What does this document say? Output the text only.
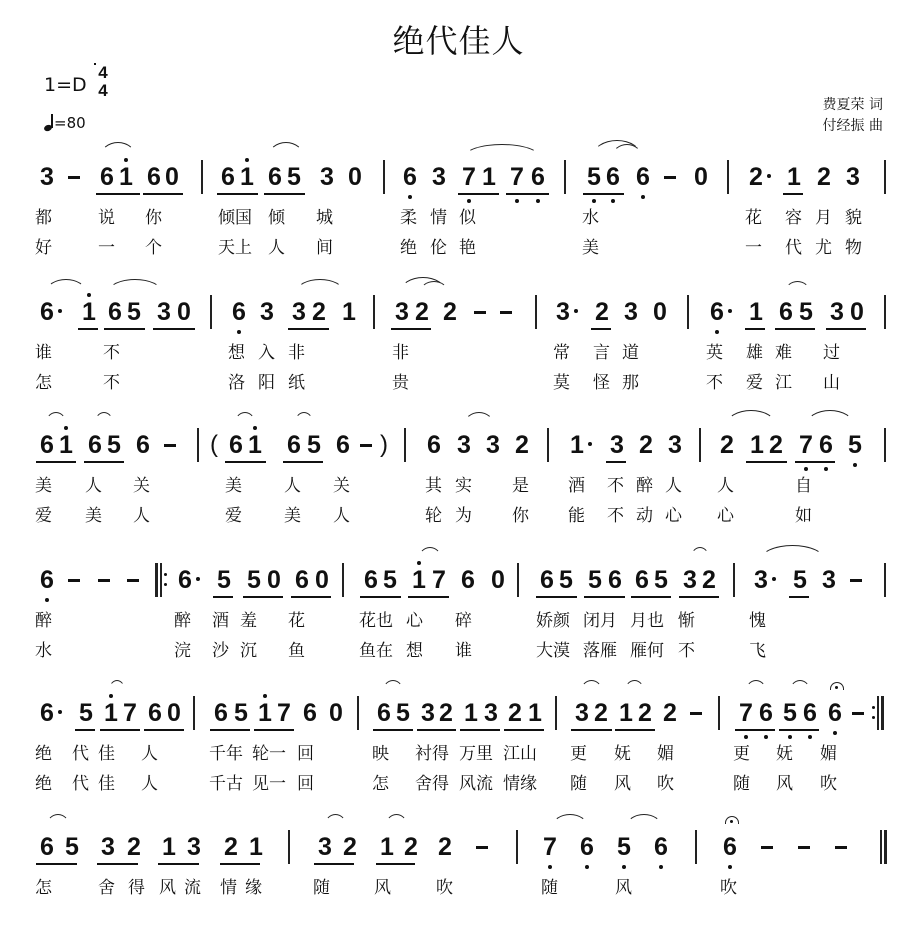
绝代佳人
1=D
4
4
=80
费夏荣 词
付经振 曲
3 6 1 6 0 6 1 6 5 3 0 6 3 7 1 7 6 5 6 6 0 2 1 2 3
都	说 你	倾国 倾 城	柔 情 似	水	花 容 月 貌
好	一 个	天上 人 间	绝 伦 艳	美	一 代 尤 物
6 1 6 5 3 0 6 3 3 2 1 3 2 2	3 2 3 0 6 1 6 5 3 0
谁	不	想 入 非	非	常 言 道	英 雄 难 过
怎	不	洛 阳 纸	贵	莫 怪 那	不 爱 江 山
6 1 6 5 6	( 6 1 6 5 6 ) 6 3 3 2 1 3 2 3 2 1 2 7 6 5
美 人 关	美 人 关	其 实 是 酒 不 醉 人 人	自
爱 美 人	爱 美 人	轮 为 你 能 不 动 心 心	如
6	6 5 5 0 6 0 6 5 1 7 6 0 6 5 5 6 6 5 3 2 3 5 3
醉	醉 酒 羞 花	花也 心 碎	娇颜 闭月 月也 惭	愧
水	浣 沙 沉 鱼	鱼在 想 谁	大漠 落雁 雁何 不	飞
6 5 1 7 6 0 6 5 1 7 6 0 6 5 3 2 1 3 2 1 3 2 1 2 2 7 6 5 6 6
绝 代 佳 人	千年 轮一 回	映 衬得 万里 江山 更 妩 媚	更 妩 媚
绝 代 佳 人	千古 见一 回	怎 舍得 风流 情缘 随 风 吹	随 风 吹
6 5 3 2 1 3 2 1 3 2 1 2 2	7 6 5 6 6
怎	舍 得 风 流 情 缘	随	风	吹	随	风	吹
